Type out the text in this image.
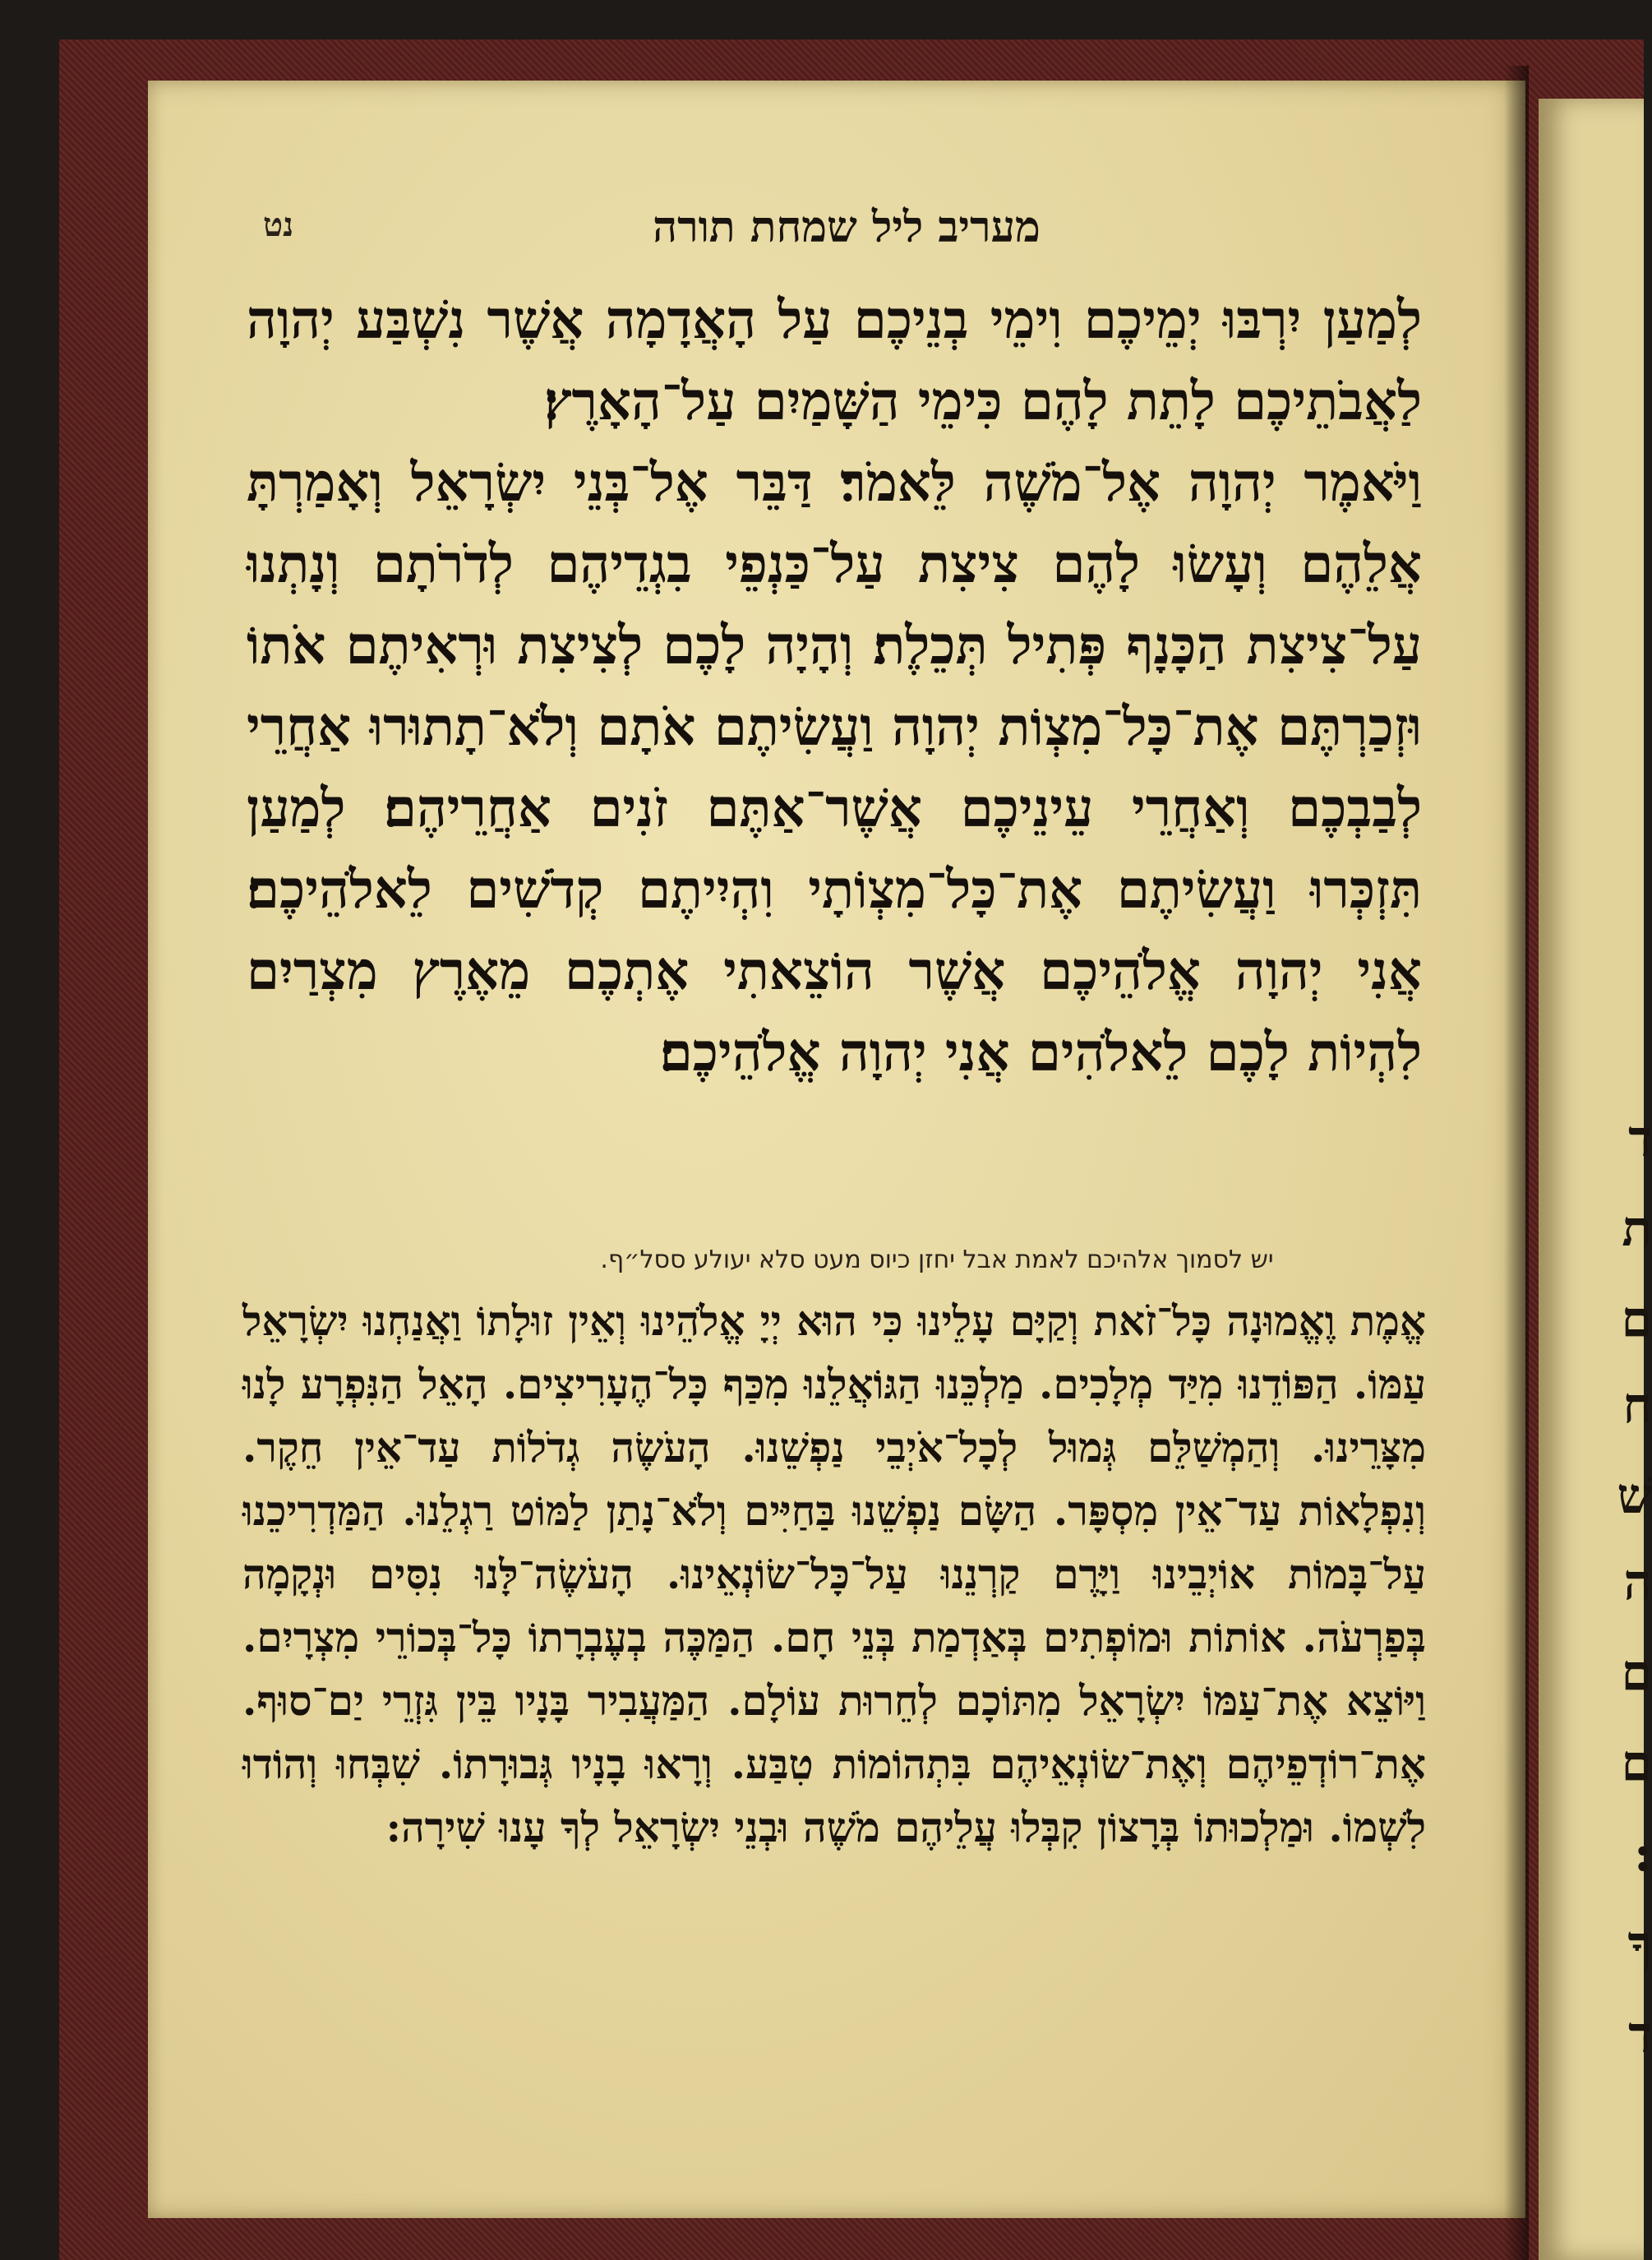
ד
ת
ם
ח
שׁ
ה
ם
ם
:
ךָ
ד
נט	מעריב ליל שמחת תורה

לְמַעַן יִרְבּוּ יְמֵיכֶם וִימֵי בְנֵיכֶם עַל הָאֲדָמָה אֲשֶׁר נִשְׁבַּע יְהוָה לַאֲבֹתֵיכֶם לָתֵת לָהֶם כִּימֵי הַשָּׁמַיִם עַל־הָאָרֶץ׃

וַיֹּאמֶר יְהוָה אֶל־מֹשֶׁה לֵּאמֹר׃ דַּבֵּר אֶל־בְּנֵי יִשְׂרָאֵל וְאָמַרְתָּ אֲלֵהֶם וְעָשׂוּ לָהֶם צִיצִת עַל־כַּנְפֵי בִגְדֵיהֶם לְדֹרֹתָם וְנָתְנוּ עַל־צִיצִת הַכָּנָף פְּתִיל תְּכֵלֶת׃ וְהָיָה לָכֶם לְצִיצִת וּרְאִיתֶם אֹתוֹ וּזְכַרְתֶּם אֶת־כָּל־מִצְוֹת יְהוָה וַעֲשִׂיתֶם אֹתָם וְלֹא־תָתוּרוּ אַחֲרֵי לְבַבְכֶם וְאַחֲרֵי עֵינֵיכֶם אֲשֶׁר־אַתֶּם זֹנִים אַחֲרֵיהֶם׃ לְמַעַן תִּזְכְּרוּ וַעֲשִׂיתֶם אֶת־כָּל־מִצְוֹתָי וִהְיִיתֶם קְדֹשִׁים לֵאלֹהֵיכֶם׃ אֲנִי יְהוָה אֱלֹהֵיכֶם אֲשֶׁר הוֹצֵאתִי אֶתְכֶם מֵאֶרֶץ מִצְרַיִם לִהְיוֹת לָכֶם לֵאלֹהִים אֲנִי יְהוָה אֱלֹהֵיכֶם׃

יש לסמוך אלהיכם לאמת אבל יחזן כיוס מעט סלא יעולע ססל״ף.

אֱמֶת וֶאֱמוּנָה כָּל־זֹאת וְקַיָּם עָלֵינוּ כִּי הוּא יְיָ אֱלֹהֵינוּ וְאֵין זוּלָתוֹ וַאֲנַחְנוּ יִשְׂרָאֵל עַמּוֹ. הַפּוֹדֵנוּ מִיַּד מְלָכִים. מַלְכֵּנוּ הַגּוֹאֲלֵנוּ מִכַּף כָּל־הֶעָרִיצִים. הָאֵל הַנִּפְרָע לָנוּ מִצָּרֵינוּ. וְהַמְשַׁלֵּם גְּמוּל לְכָל־אֹיְבֵי נַפְשֵׁנוּ. הָעֹשֶׂה גְדֹלוֹת עַד־אֵין חֵקֶר. וְנִפְלָאוֹת עַד־אֵין מִסְפָּר. הַשָּׂם נַפְשֵׁנוּ בַּחַיִּים וְלֹא־נָתַן לַמּוֹט רַגְלֵנוּ. הַמַּדְרִיכֵנוּ עַל־בָּמוֹת אוֹיְבֵינוּ וַיָּרֶם קַרְנֵנוּ עַל־כָּל־שׂוֹנְאֵינוּ. הָעֹשֶׂה־לָּנוּ נִסִּים וּנְקָמָה בְּפַרְעֹה. אוֹתוֹת וּמוֹפְתִים בְּאַדְמַת בְּנֵי חָם. הַמַּכֶּה בְעֶבְרָתוֹ כָּל־בְּכוֹרֵי מִצְרָיִם. וַיּוֹצֵא אֶת־עַמּוֹ יִשְׂרָאֵל מִתּוֹכָם לְחֵרוּת עוֹלָם. הַמַּעֲבִיר בָּנָיו בֵּין גִּזְרֵי יַם־סוּף. אֶת־רוֹדְפֵיהֶם וְאֶת־שׂוֹנְאֵיהֶם בִּתְהוֹמוֹת טִבַּע. וְרָאוּ בָנָיו גְּבוּרָתוֹ. שִׁבְּחוּ וְהוֹדוּ לִשְׁמוֹ. וּמַלְכוּתוֹ בְּרָצוֹן קִבְּלוּ עֲלֵיהֶם מֹשֶׁה וּבְנֵי יִשְׂרָאֵל לְךָ עָנוּ שִׁירָה:
